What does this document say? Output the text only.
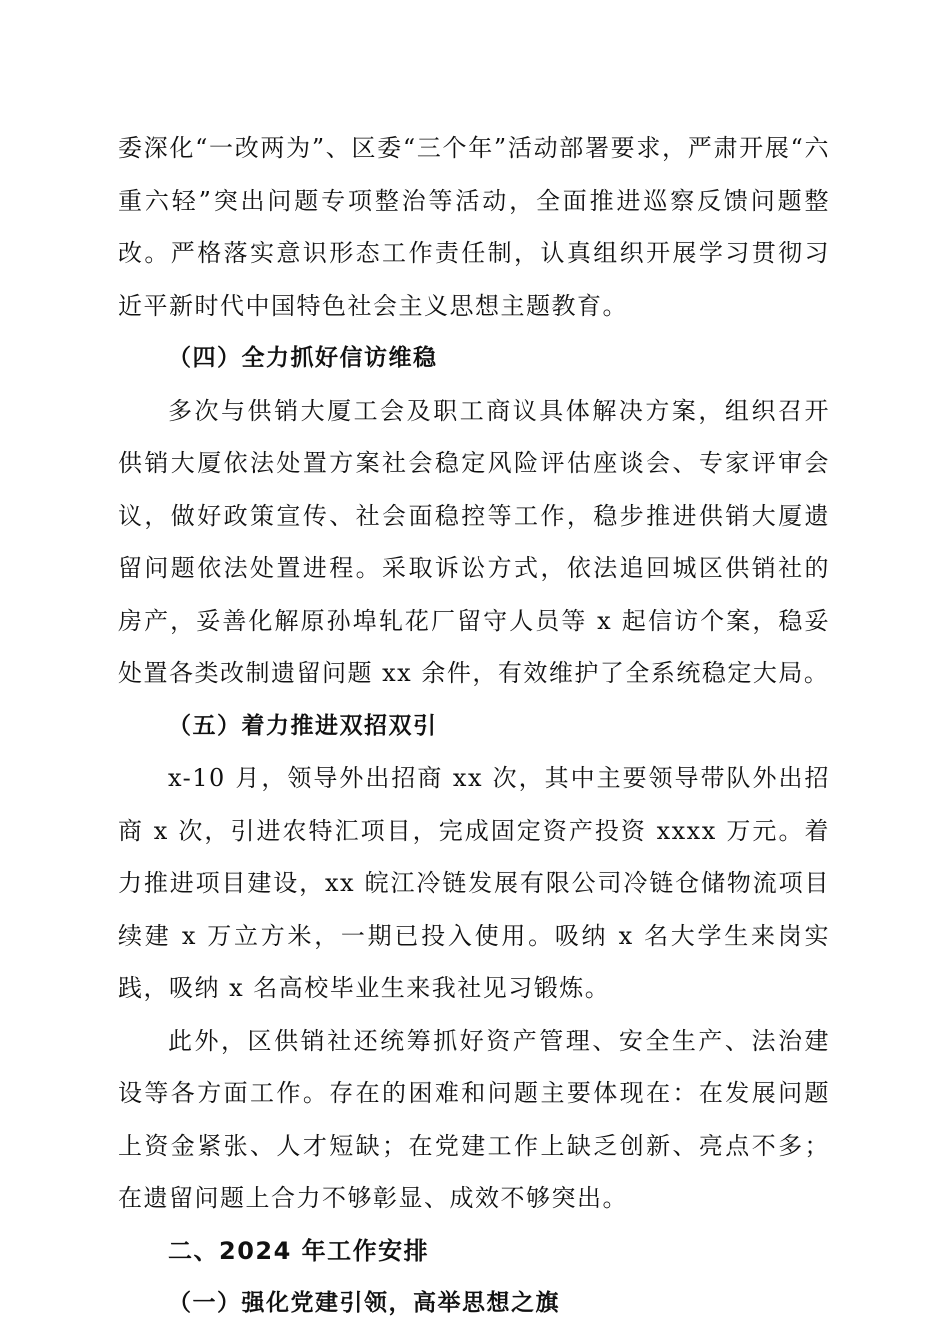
委深化“一改两为”、区委“三个年”活动部署要求，严肃开展“六重六轻”突出问题专项整治等活动，全面推进巡察反馈问题整改。严格落实意识形态工作责任制，认真组织开展学习贯彻习近平新时代中国特色社会主义思想主题教育。

（四）全力抓好信访维稳

多次与供销大厦工会及职工商议具体解决方案，组织召开供销大厦依法处置方案社会稳定风险评估座谈会、专家评审会议，做好政策宣传、社会面稳控等工作，稳步推进供销大厦遗留问题依法处置进程。采取诉讼方式，依法追回城区供销社的房产，妥善化解原孙埠轧花厂留守人员等 x 起信访个案，稳妥处置各类改制遗留问题 xx 余件，有效维护了全系统稳定大局。

（五）着力推进双招双引

x-10 月，领导外出招商 xx 次，其中主要领导带队外出招商 x 次，引进农特汇项目，完成固定资产投资 xxxx 万元。着力推进项目建设，xx 皖江冷链发展有限公司冷链仓储物流项目续建 x 万立方米，一期已投入使用。吸纳 x 名大学生来岗实践，吸纳 x 名高校毕业生来我社见习锻炼。

此外，区供销社还统筹抓好资产管理、安全生产、法治建设等各方面工作。存在的困难和问题主要体现在：在发展问题上资金紧张、人才短缺；在党建工作上缺乏创新、亮点不多；在遗留问题上合力不够彰显、成效不够突出。

二、2024 年工作安排

（一）强化党建引领，高举思想之旗
